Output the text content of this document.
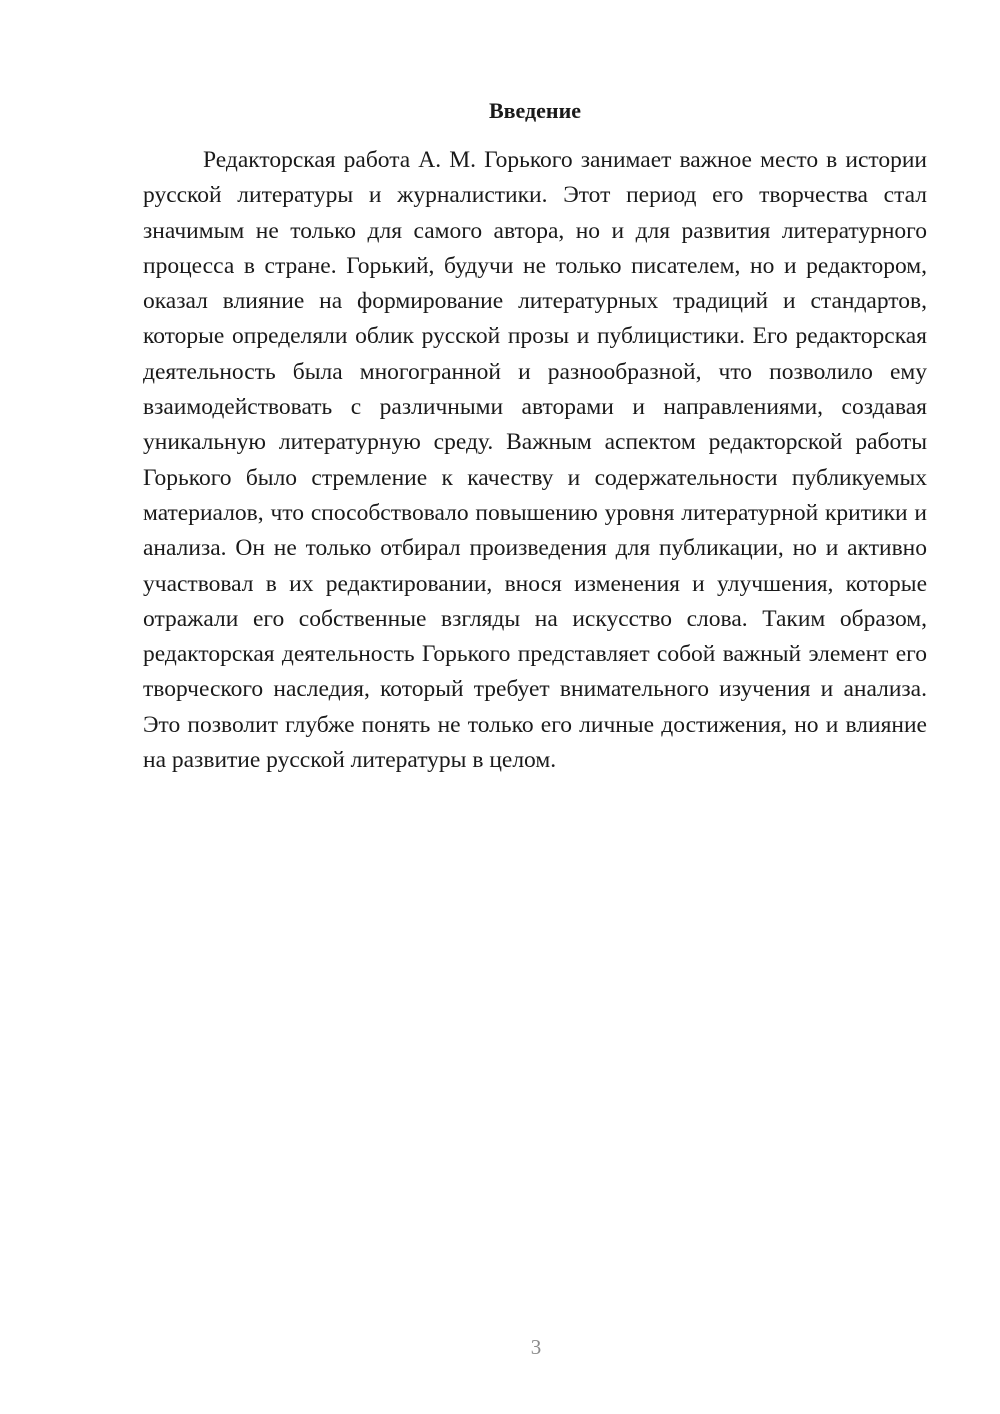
Введение

Редакторская работа А. М. Горького занимает важное место в истории русской литературы и журналистики. Этот период его творчества стал значимым не только для самого автора, но и для развития литературного процесса в стране. Горький, будучи не только писателем, но и редактором, оказал влияние на формирование литературных традиций и стандартов, которые определяли облик русской прозы и публицистики. Его редакторская деятельность была многогранной и разнообразной, что позволило ему взаимодействовать с различными авторами и направлениями, создавая уникальную литературную среду. Важным аспектом редакторской работы Горького было стремление к качеству и содержательности публикуемых материалов, что способствовало повышению уровня литературной критики и анализа. Он не только отбирал произведения для публикации, но и активно участвовал в их редактировании, внося изменения и улучшения, которые отражали его собственные взгляды на искусство слова. Таким образом, редакторская деятельность Горького представляет собой важный элемент его творческого наследия, который требует внимательного изучения и анализа. Это позволит глубже понять не только его личные достижения, но и влияние на развитие русской литературы в целом.

3
